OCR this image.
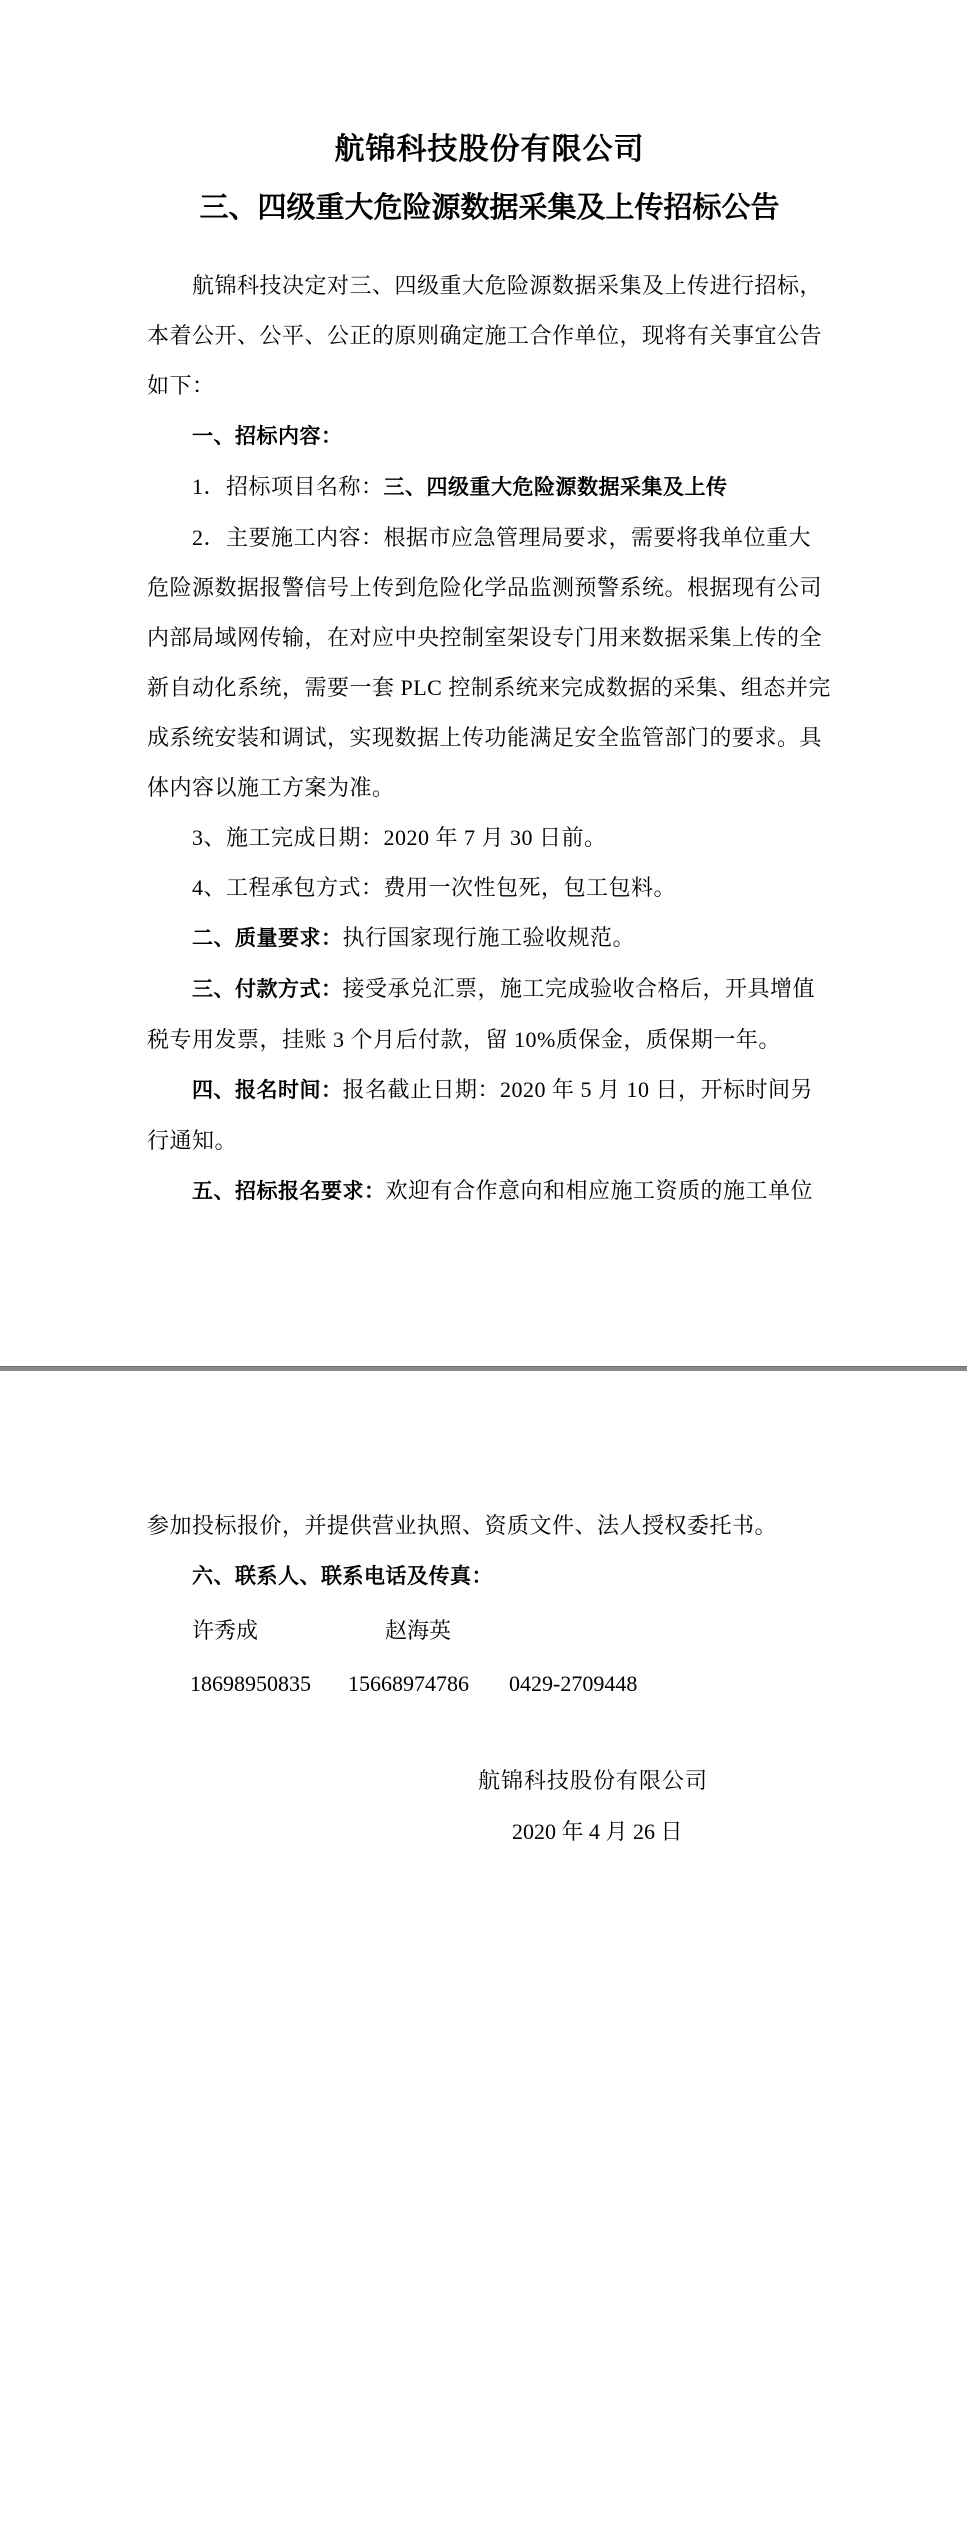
航锦科技股份有限公司
三、四级重大危险源数据采集及上传招标公告
航锦科技决定对三、四级重大危险源数据采集及上传进行招标，
本着公开、公平、公正的原则确定施工合作单位，现将有关事宜公告
如下：
一、招标内容：
1．招标项目名称：三、四级重大危险源数据采集及上传
2．主要施工内容：根据市应急管理局要求，需要将我单位重大
危险源数据报警信号上传到危险化学品监测预警系统。根据现有公司
内部局域网传输，在对应中央控制室架设专门用来数据采集上传的全
新自动化系统，需要一套 PLC 控制系统来完成数据的采集、组态并完
成系统安装和调试，实现数据上传功能满足安全监管部门的要求。具
体内容以施工方案为准。
3、施工完成日期：2020 年 7 月 30 日前。
4、工程承包方式：费用一次性包死，包工包料。
二、质量要求：执行国家现行施工验收规范。
三、付款方式：接受承兑汇票，施工完成验收合格后，开具增值
税专用发票，挂账 3 个月后付款，留 10%质保金，质保期一年。
四、报名时间：报名截止日期：2020 年 5 月 10 日，开标时间另
行通知。
五、招标报名要求：欢迎有合作意向和相应施工资质的施工单位
参加投标报价，并提供营业执照、资质文件、法人授权委托书。
六、联系人、联系电话及传真：
许秀成	赵海英
18698950835 15668974786 0429-2709448
航锦科技股份有限公司
2020 年 4 月 26 日
